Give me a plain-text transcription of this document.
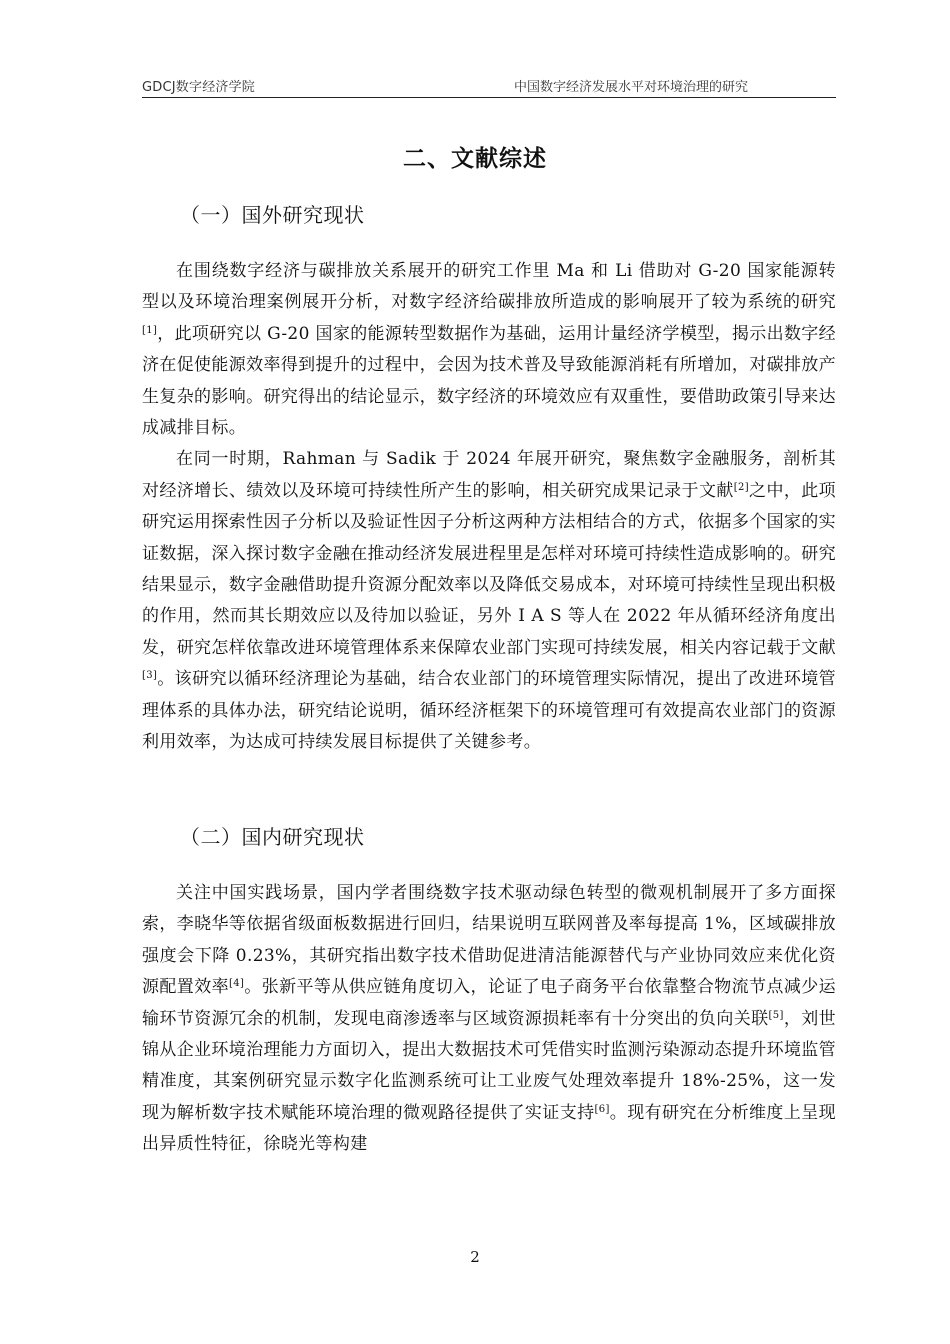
GDCJ数字经济学院	中国数字经济发展水平对环境治理的研究
二、文献综述
（一）国外研究现状

在围绕数字经济与碳排放关系展开的研究工作里 Ma 和 Li 借助对 G-20 国家能源转型以及环境治理案例展开分析，对数字经济给碳排放所造成的影响展开了较为系统的研究[1]，此项研究以 G-20 国家的能源转型数据作为基础，运用计量经济学模型，揭示出数字经济在促使能源效率得到提升的过程中，会因为技术普及导致能源消耗有所增加，对碳排放产生复杂的影响。研究得出的结论显示，数字经济的环境效应有双重性，要借助政策引导来达成减排目标。

在同一时期，Rahman 与 Sadik 于 2024 年展开研究，聚焦数字金融服务，剖析其对经济增长、绩效以及环境可持续性所产生的影响，相关研究成果记录于文献[2]之中，此项研究运用探索性因子分析以及验证性因子分析这两种方法相结合的方式，依据多个国家的实证数据，深入探讨数字金融在推动经济发展进程里是怎样对环境可持续性造成影响的。研究结果显示，数字金融借助提升资源分配效率以及降低交易成本，对环境可持续性呈现出积极的作用，然而其长期效应以及待加以验证，另外 I A S 等人在 2022 年从循环经济角度出发，研究怎样依靠改进环境管理体系来保障农业部门实现可持续发展，相关内容记载于文献[3]。该研究以循环经济理论为基础，结合农业部门的环境管理实际情况，提出了改进环境管理体系的具体办法，研究结论说明，循环经济框架下的环境管理可有效提高农业部门的资源利用效率，为达成可持续发展目标提供了关键参考。

（二）国内研究现状

关注中国实践场景，国内学者围绕数字技术驱动绿色转型的微观机制展开了多方面探索，李晓华等依据省级面板数据进行回归，结果说明互联网普及率每提高 1%，区域碳排放强度会下降 0.23%，其研究指出数字技术借助促进清洁能源替代与产业协同效应来优化资源配置效率[4]。张新平等从供应链角度切入，论证了电子商务平台依靠整合物流节点减少运输环节资源冗余的机制，发现电商渗透率与区域资源损耗率有十分突出的负向关联[5]，刘世锦从企业环境治理能力方面切入，提出大数据技术可凭借实时监测污染源动态提升环境监管精准度，其案例研究显示数字化监测系统可让工业废气处理效率提升 18%-25%，这一发现为解析数字技术赋能环境治理的微观路径提供了实证支持[6]。现有研究在分析维度上呈现出异质性特征，徐晓光等构建

2
